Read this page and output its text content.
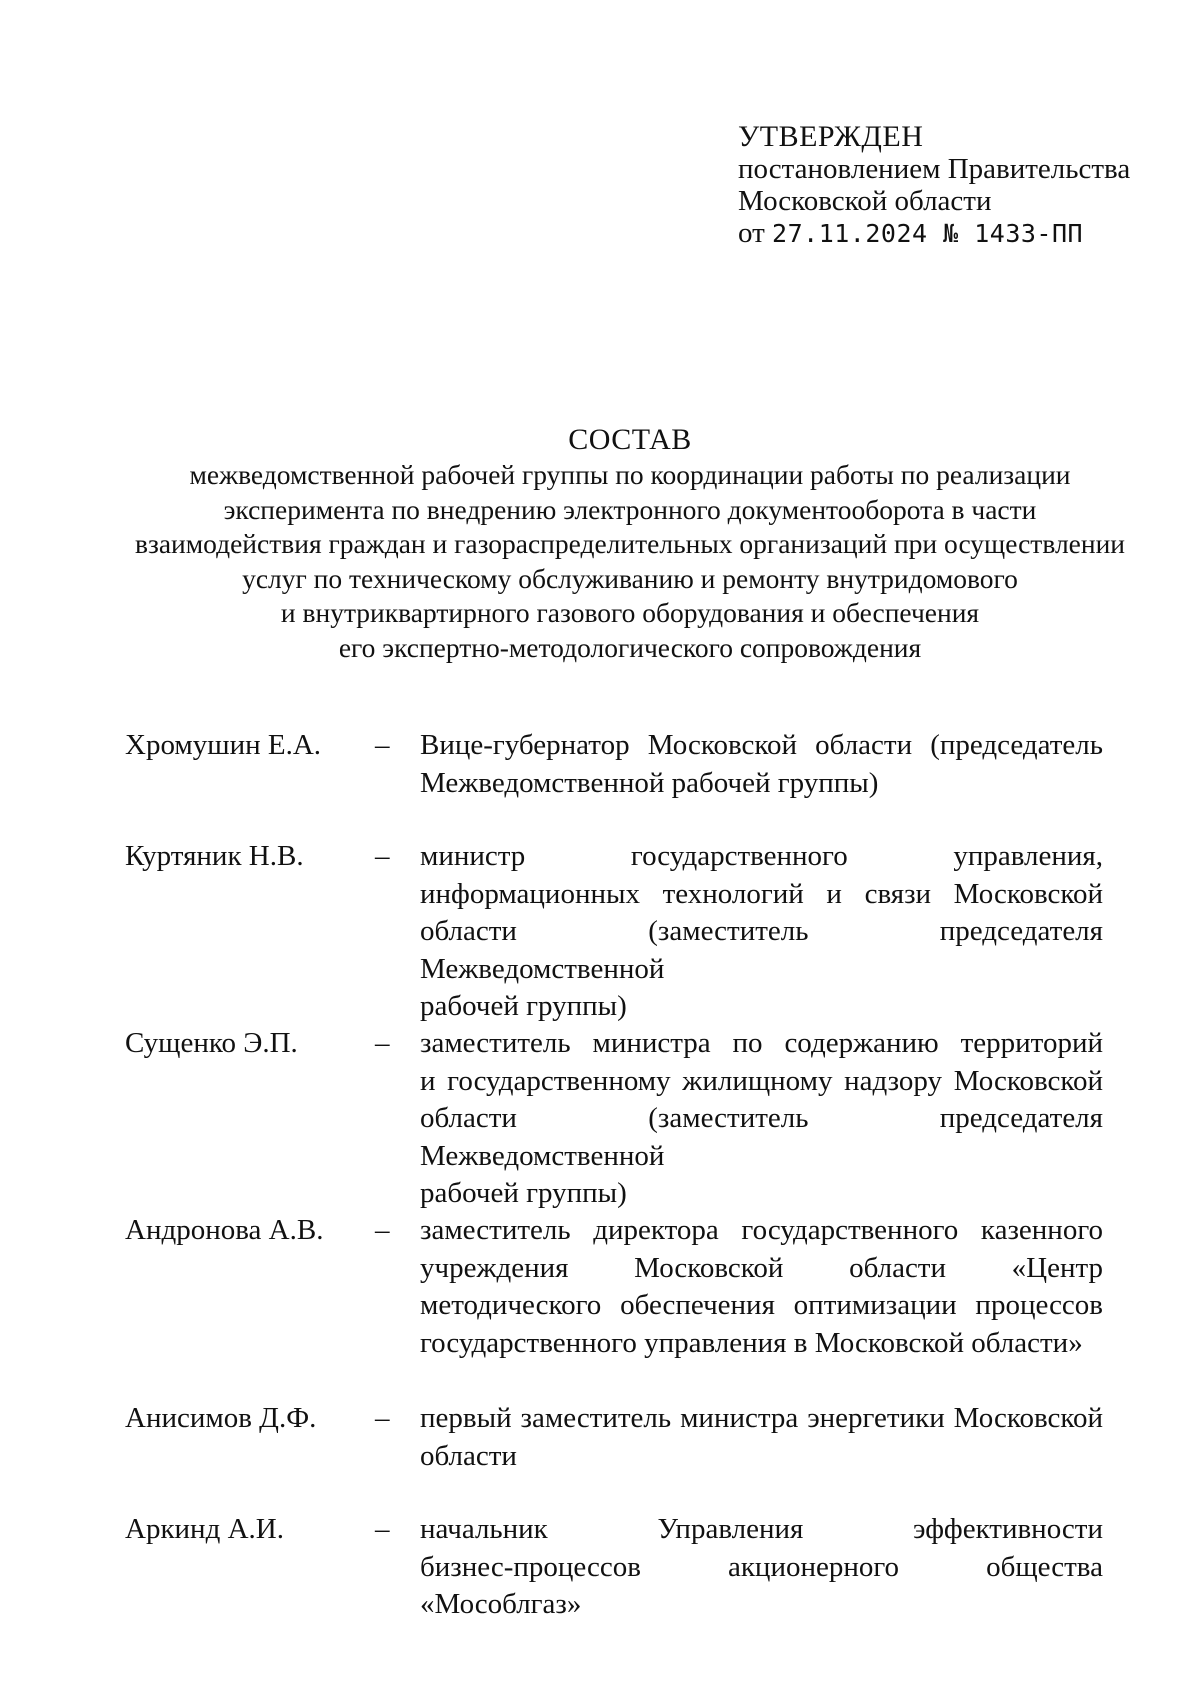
УТВЕРЖДЕН
постановлением Правительства
Московской области
от 27.11.2024 № 1433-ПП
СОСТАВ
межведомственной рабочей группы по координации работы по реализации
эксперимента по внедрению электронного документооборота в части
взаимодействия граждан и газораспределительных организаций при осуществлении
услуг по техническому обслуживанию и ремонту внутридомового
и внутриквартирного газового оборудования и обеспечения
его экспертно-методологического сопровождения
Хромушин Е.А. – Вице-губернатор Московской области (председатель
Межведомственной рабочей группы)
Куртяник Н.В. – министр государственного управления,
информационных технологий и связи Московской
области (заместитель председателя Межведомственной
рабочей группы)
Сущенко Э.П.	– заместитель министра по содержанию территорий
и государственному жилищному надзору Московской
области (заместитель председателя Межведомственной
рабочей группы)
Андронова А.В. – заместитель директора государственного казенного
учреждения Московской области «Центр
методического обеспечения оптимизации процессов
государственного управления в Московской области»
Анисимов Д.Ф. – первый заместитель министра энергетики Московской
области
Аркинд А.И.	– начальник Управления эффективности
бизнес-процессов акционерного общества «Мособлгаз»
